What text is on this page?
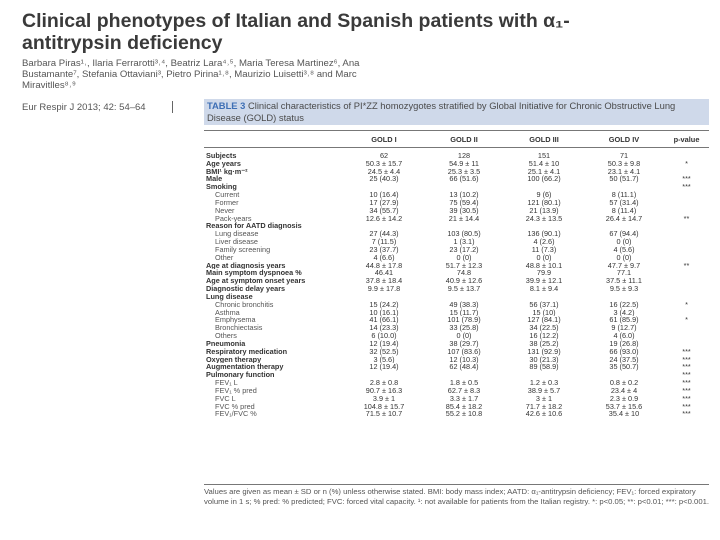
Clinical phenotypes of Italian and Spanish patients with α₁-antitrypsin deficiency

Barbara Piras¹˒, Ilaria Ferrarotti³˒⁴, Beatriz Lara⁴˒⁵, Maria Teresa Martinez⁶, Ana Bustamante⁷, Stefania Ottaviani³, Pietro Pirina¹˒⁸, Maurizio Luisetti³˒⁸ and Marc Miravitlles⁸˒⁹

Eur Respir J 2013; 42: 54–64	TABLE 3 Clinical characteristics of PI*ZZ homozygotes stratified by Global Initiative for Chronic Obstructive Lung Disease (GOLD) status

	GOLD I	GOLD II	GOLD III	GOLD IV	p-value

Subjects	62	128	151	71	
Age years	50.3 ± 15.7	54.9 ± 11	51.4 ± 10	50.3 ± 9.8	*
BMI¹ kg·m⁻²	24.5 ± 4.4	25.3 ± 3.5	25.1 ± 4.1	23.1 ± 4.1	
Male	25 (40.3)	66 (51.6)	100 (66.2)	50 (51.7)	***
Smoking					***
Current	10 (16.4)	13 (10.2)	9 (6)	8 (11.1)	
Former	17 (27.9)	75 (59.4)	121 (80.1)	57 (31.4)	
Never	34 (55.7)	39 (30.5)	21 (13.9)	8 (11.4)	
Pack-years	12.6 ± 14.2	21 ± 14.4	24.3 ± 13.5	26.4 ± 14.7	**
Reason for AATD diagnosis					
Lung disease	27 (44.3)	103 (80.5)	136 (90.1)	67 (94.4)	
Liver disease	7 (11.5)	1 (3.1)	4 (2.6)	0 (0)	
Family screening	23 (37.7)	23 (17.2)	11 (7.3)	4 (5.6)	
Other	4 (6.6)	0 (0)	0 (0)	0 (0)	
Age at diagnosis years	44.8 ± 17.8	51.7 ± 12.3	48.8 ± 10.1	47.7 ± 9.7	**
Main symptom dyspnoea %	46.41	74.8	79.9	77.1	
Age at symptom onset years	37.8 ± 18.4	40.9 ± 12.6	39.9 ± 12.1	37.5 ± 11.1	
Diagnostic delay years	9.9 ± 17.8	9.5 ± 13.7	8.1 ± 9.4	9.5 ± 9.3	
Lung disease					
Chronic bronchitis	15 (24.2)	49 (38.3)	56 (37.1)	16 (22.5)	*
Asthma	10 (16.1)	15 (11.7)	15 (10)	3 (4.2)	
Emphysema	41 (66.1)	101 (78.9)	127 (84.1)	61 (85.9)	*
Bronchiectasis	14 (23.3)	33 (25.8)	34 (22.5)	9 (12.7)	
Others	6 (10.0)	0 (0)	16 (12.2)	4 (6.0)	
Pneumonia	12 (19.4)	38 (29.7)	38 (25.2)	19 (26.8)	
Respiratory medication	32 (52.5)	107 (83.6)	131 (92.9)	66 (93.0)	***
Oxygen therapy	3 (5.6)	12 (10.3)	30 (21.3)	24 (37.5)	***
Augmentation therapy	12 (19.4)	62 (48.4)	89 (58.9)	35 (50.7)	***
Pulmonary function					***
FEV₁ L	2.8 ± 0.8	1.8 ± 0.5	1.2 ± 0.3	0.8 ± 0.2	***
FEV₁ % pred	90.7 ± 16.3	62.7 ± 8.3	38.9 ± 5.7	23.4 ± 4	***
FVC L	3.9 ± 1	3.3 ± 1.7	3 ± 1	2.3 ± 0.9	***
FVC % pred	104.8 ± 15.7	85.4 ± 18.2	71.7 ± 18.2	53.7 ± 15.6	***
FEV₁/FVC %	71.5 ± 10.7	55.2 ± 10.8	42.6 ± 10.6	35.4 ± 10	***

Values are given as mean ± SD or n (%) unless otherwise stated. BMI: body mass index; AATD: α₁-antitrypsin deficiency; FEV₁: forced expiratory volume in 1 s; % pred: % predicted; FVC: forced vital capacity. ¹: not available for patients from the Italian registry. *: p<0.05; **: p<0.01; ***: p<0.001.
